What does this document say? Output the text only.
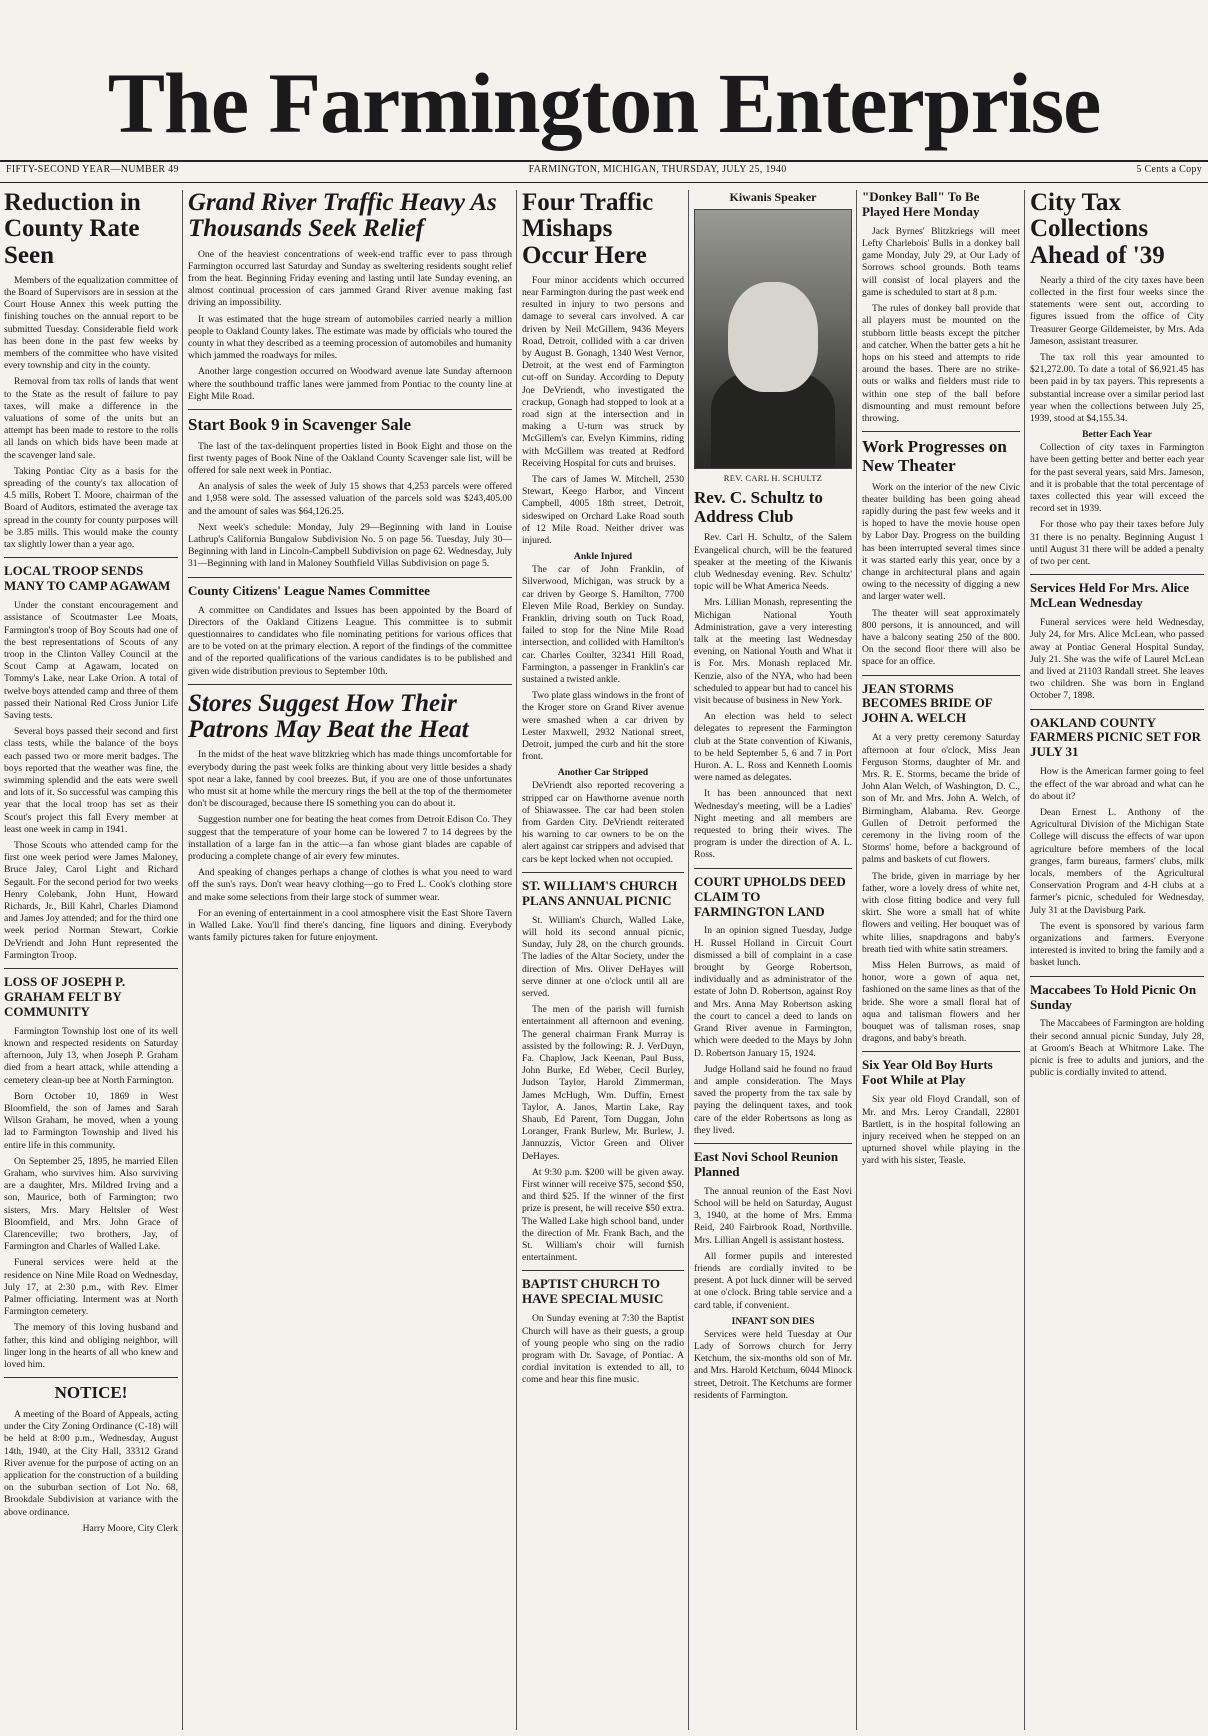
The Farmington Enterprise
FIFTY-SECOND YEAR—NUMBER 49	FARMINGTON, MICHIGAN, THURSDAY, JULY 25, 1940	5 Cents a Copy
Reduction in County Rate Seen

Members of the equalization committee of the Board of Supervisors are in session at the Court House Annex this week putting the finishing touches on the annual report to be submitted Tuesday. Considerable field work has been done in the past few weeks by members of the committee who have visited every township and city in the county.

Removal from tax rolls of lands that went to the State as the result of failure to pay taxes, will make a difference in the valuations of some of the units but an attempt has been made to restore to the rolls all lands on which bids have been made at the scavenger land sale.

Taking Pontiac City as a basis for the spreading of the county's tax allocation of 4.5 mills, Robert T. Moore, chairman of the Board of Auditors, estimated the average tax spread in the county for county purposes will be 3.85 mills. This would make the county tax slightly lower than a year ago.

LOCAL TROOP SENDS MANY TO CAMP AGAWAM

Under the constant encouragement and assistance of Scoutmaster Lee Moats, Farmington's troop of Boy Scouts had one of the best representations of Scouts of any troop in the Clinton Valley Council at the Scout Camp at Agawam, located on Tommy's Lake, near Lake Orion. A total of twelve boys attended camp and three of them passed their National Red Cross Junior Life Saving tests.

Several boys passed their second and first class tests, while the balance of the boys each passed two or more merit badges. The boys reported that the weather was fine, the swimming splendid and the eats were swell and lots of it. So successful was camping this year that the local troop has set as their Scout's project this fall Every member at least one week in camp in 1941.

Those Scouts who attended camp for the first one week period were James Maloney, Bruce Jaley, Carol Light and Richard Segault. For the second period for two weeks Henry Colebank, John Hunt, Howard Richards, Jr., Bill Kahrl, Charles Diamond and James Joy attended; and for the third one week period Norman Stewart, Corkie DeVriendt and John Hunt represented the Farmington Troop.

LOSS OF JOSEPH P. GRAHAM FELT BY COMMUNITY

Farmington Township lost one of its well known and respected residents on Saturday afternoon, July 13, when Joseph P. Graham died from a heart attack, while attending a cemetery clean-up bee at North Farmington.

Born October 10, 1869 in West Bloomfield, the son of James and Sarah Wilson Graham, he moved, when a young lad to Farmington Township and lived his entire life in this community.

On September 25, 1895, he married Ellen Graham, who survives him. Also surviving are a daughter, Mrs. Mildred Irving and a son, Maurice, both of Farmington; two sisters, Mrs. Mary Heltsler of West Bloomfield, and Mrs. John Grace of Clarenceville; two brothers, Jay, of Farmington and Charles of Walled Lake.

Funeral services were held at the residence on Nine Mile Road on Wednesday, July 17, at 2:30 p.m., with Rev. Elmer Palmer officiating. Interment was at North Farmington cemetery.

The memory of this loving husband and father, this kind and obliging neighbor, will linger long in the hearts of all who knew and loved him.

NOTICE!

A meeting of the Board of Appeals, acting under the City Zoning Ordinance (C-18) will be held at 8:00 p.m., Wednesday, August 14th, 1940, at the City Hall, 33312 Grand River avenue for the purpose of acting on an application for the construction of a building on the suburban section of Lot No. 68, Brookdale Subdivision at variance with the above ordinance.

Harry Moore, City Clerk
Grand River Traffic Heavy As Thousands Seek Relief

One of the heaviest concentrations of week-end traffic ever to pass through Farmington occurred last Saturday and Sunday as sweltering residents sought relief from the heat. Beginning Friday evening and lasting until late Sunday evening, an almost continual procession of cars jammed Grand River avenue making fast driving an impossibility.

It was estimated that the huge stream of automobiles carried nearly a million people to Oakland County lakes. The estimate was made by officials who toured the county in what they described as a teeming procession of automobiles and humanity which jammed the roadways for miles.

Another large congestion occurred on Woodward avenue late Sunday afternoon where the southbound traffic lanes were jammed from Pontiac to the county line at Eight Mile Road.

Start Book 9 in Scavenger Sale

The last of the tax-delinquent properties listed in Book Eight and those on the first twenty pages of Book Nine of the Oakland County Scavenger sale list, will be offered for sale next week in Pontiac.

An analysis of sales the week of July 15 shows that 4,253 parcels were offered and 1,958 were sold. The assessed valuation of the parcels sold was $243,405.00 and the amount of sales was $64,126.25.

Next week's schedule: Monday, July 29—Beginning with land in Louise Lathrup's California Bungalow Subdivision No. 5 on page 56. Tuesday, July 30—Beginning with land in Lincoln-Campbell Subdivision on page 62. Wednesday, July 31—Beginning with land in Maloney Southfield Villas Subdivision on page 5.

County Citizens' League Names Committee

A committee on Candidates and Issues has been appointed by the Board of Directors of the Oakland Citizens League. This committee is to submit questionnaires to candidates who file nominating petitions for various offices that are to be voted on at the primary election. A report of the findings of the committee and of the reported qualifications of the various candidates is to be published and given wide distribution previous to September 10th.

Stores Suggest How Their Patrons May Beat the Heat

In the midst of the heat wave blitzkrieg which has made things uncomfortable for everybody during the past week folks are thinking about very little besides a shady spot near a lake, fanned by cool breezes. But, if you are one of those unfortunates who must sit at home while the mercury rings the bell at the top of the thermometer don't be discouraged, because there IS something you can do about it.

Suggestion number one for beating the heat comes from Detroit Edison Co. They suggest that the temperature of your home can be lowered 7 to 14 degrees by the installation of a large fan in the attic—a fan whose giant blades are capable of producing a complete change of air every few minutes.

And speaking of changes perhaps a change of clothes is what you need to ward off the sun's rays. Don't wear heavy clothing—go to Fred L. Cook's clothing store and make some selections from their large stock of summer wear.

For an evening of entertainment in a cool atmosphere visit the East Shore Tavern in Walled Lake. You'll find there's dancing, fine liquors and dining. Everybody wants family pictures taken for future enjoyment.

Four Traffic Mishaps Occur Here

Four minor accidents which occurred near Farmington during the past week end resulted in injury to two persons and damage to several cars involved. A car driven by Neil McGillem, 9436 Meyers Road, Detroit, collided with a car driven by August B. Gonagh, 1340 West Vernor, Detroit, at the west end of Farmington cut-off on Sunday. According to Deputy Joe DeVriendt, who investigated the crackup, Gonagh had stopped to look at a road sign at the intersection and in making a U-turn was struck by McGillem's car. Evelyn Kimmins, riding with McGillem was treated at Redford Receiving Hospital for cuts and bruises.

The cars of James W. Mitchell, 2530 Stewart, Keego Harbor, and Vincent Campbell, 4005 18th street, Detroit, sideswiped on Orchard Lake Road south of 12 Mile Road. Neither driver was injured.

Ankle Injured

The car of John Franklin, of Silverwood, Michigan, was struck by a car driven by George S. Hamilton, 7700 Eleven Mile Road, Berkley on Sunday. Franklin, driving south on Tuck Road, failed to stop for the Nine Mile Road intersection, and collided with Hamilton's car. Charles Coulter, 32341 Hill Road, Farmington, a passenger in Franklin's car sustained a twisted ankle.

Two plate glass windows in the front of the Kroger store on Grand River avenue were smashed when a car driven by Lester Maxwell, 2932 National street, Detroit, jumped the curb and hit the store front.

Another Car Stripped

DeVriendt also reported recovering a stripped car on Hawthorne avenue north of Shiawassee. The car had been stolen from Garden City. DeVriendt reiterated his warning to car owners to be on the alert against car strippers and advised that cars be kept locked when not occupied.

ST. WILLIAM'S CHURCH PLANS ANNUAL PICNIC

St. William's Church, Walled Lake, will hold its second annual picnic, Sunday, July 28, on the church grounds. The ladies of the Altar Society, under the direction of Mrs. Oliver DeHayes will serve dinner at one o'clock until all are served.

The men of the parish will furnish entertainment all afternoon and evening. The general chairman Frank Murray is assisted by the following: R. J. VerDuyn, Fa. Chaplow, Jack Keenan, Paul Buss, John Burke, Ed Weber, Cecil Burley, Judson Taylor, Harold Zimmerman, James McHugh, Wm. Duffin, Ernest Taylor, A. Janos, Martin Lake, Ray Shaub, Ed Parent, Tom Duggan, John Loranger, Frank Burlew, Mr. Burlew, J. Jannuzzis, Victor Green and Oliver DeHayes.

At 9:30 p.m. $200 will be given away. First winner will receive $75, second $50, and third $25. If the winner of the first prize is present, he will receive $50 extra. The Walled Lake high school band, under the direction of Mr. Frank Bach, and the St. William's choir will furnish entertainment.

BAPTIST CHURCH TO HAVE SPECIAL MUSIC

On Sunday evening at 7:30 the Baptist Church will have as their guests, a group of young people who sing on the radio program with Dr. Savage, of Pontiac. A cordial invitation is extended to all, to come and hear this fine music.

Kiwanis Speaker
REV. CARL H. SCHULTZ
Rev. C. Schultz to Address Club

Rev. Carl H. Schultz, of the Salem Evangelical church, will be the featured speaker at the meeting of the Kiwanis club Wednesday evening. Rev. Schultz' topic will be What America Needs.

Mrs. Lillian Monash, representing the Michigan National Youth Administration, gave a very interesting talk at the meeting last Wednesday evening, on National Youth and What it is For. Mrs. Monash replaced Mr. Kenzie, also of the NYA, who had been scheduled to appear but had to cancel his visit because of business in New York.

An election was held to select delegates to represent the Farmington club at the State convention of Kiwanis, to be held September 5, 6 and 7 in Port Huron. A. L. Ross and Kenneth Loomis were named as delegates.

It has been announced that next Wednesday's meeting, will be a Ladies' Night meeting and all members are requested to bring their wives. The program is under the direction of A. L. Ross.

COURT UPHOLDS DEED CLAIM TO FARMINGTON LAND

In an opinion signed Tuesday, Judge H. Russel Holland in Circuit Court dismissed a bill of complaint in a case brought by George Robertson, individually and as administrator of the estate of John D. Robertson, against Roy and Mrs. Anna May Robertson asking the court to cancel a deed to lands on Grand River avenue in Farmington, which were deeded to the Mays by John D. Robertson January 15, 1924.

Judge Holland said he found no fraud and ample consideration. The Mays saved the property from the tax sale by paying the delinquent taxes, and took care of the elder Robertsons as long as they lived.

East Novi School Reunion Planned

The annual reunion of the East Novi School will be held on Saturday, August 3, 1940, at the home of Mrs. Emma Reid, 240 Fairbrook Road, Northville. Mrs. Lillian Angell is assistant hostess.

All former pupils and interested friends are cordially invited to be present. A pot luck dinner will be served at one o'clock. Bring table service and a card table, if convenient.

INFANT SON DIES

Services were held Tuesday at Our Lady of Sorrows church for Jerry Ketchum, the six-months old son of Mr. and Mrs. Harold Ketchum, 6044 Minock street, Detroit. The Ketchums are former residents of Farmington.

"Donkey Ball" To Be Played Here Monday

Jack Byrnes' Blitzkriegs will meet Lefty Charlebois' Bulls in a donkey ball game Monday, July 29, at Our Lady of Sorrows school grounds. Both teams will consist of local players and the game is scheduled to start at 8 p.m.

The rules of donkey ball provide that all players must be mounted on the stubborn little beasts except the pitcher and catcher. When the batter gets a hit he hops on his steed and attempts to ride around the bases. There are no strike-outs or walks and fielders must ride to within one step of the ball before dismounting and must remount before throwing.

Work Progresses on New Theater

Work on the interior of the new Civic theater building has been going ahead rapidly during the past few weeks and it is hoped to have the movie house open by Labor Day. Progress on the building has been interrupted several times since it was started early this year, once by a change in architectural plans and again owing to the necessity of digging a new and larger water well.

The theater will seat approximately 800 persons, it is announced, and will have a balcony seating 250 of the 800. On the second floor there will also be space for an office.

JEAN STORMS BECOMES BRIDE OF JOHN A. WELCH

At a very pretty ceremony Saturday afternoon at four o'clock, Miss Jean Ferguson Storms, daughter of Mr. and Mrs. R. E. Storms, became the bride of John Alan Welch, of Washington, D. C., son of Mr. and Mrs. John A. Welch, of Birmingham, Alabama. Rev. George Gullen of Detroit performed the ceremony in the living room of the Storms' home, before a background of palms and baskets of cut flowers.

The bride, given in marriage by her father, wore a lovely dress of white net, with close fitting bodice and very full skirt. She wore a small hat of white flowers and veiling. Her bouquet was of white lilies, snapdragons and baby's breath tied with white satin streamers.

Miss Helen Burrows, as maid of honor, wore a gown of aqua net, fashioned on the same lines as that of the bride. She wore a small floral hat of aqua and talisman flowers and her bouquet was of talisman roses, snap dragons, and baby's breath.

Six Year Old Boy Hurts Foot While at Play

Six year old Floyd Crandall, son of Mr. and Mrs. Leroy Crandall, 22801 Bartlett, is in the hospital following an injury received when he stepped on an upturned shovel while playing in the yard with his sister, Teasle.

City Tax Collections Ahead of '39

Nearly a third of the city taxes have been collected in the first four weeks since the statements were sent out, according to figures issued from the office of City Treasurer George Gildemeister, by Mrs. Ada Jameson, assistant treasurer.

The tax roll this year amounted to $21,272.00. To date a total of $6,921.45 has been paid in by tax payers. This represents a substantial increase over a similar period last year when the collections between July 25, 1939, stood at $4,155.34.

Better Each Year

Collection of city taxes in Farmington have been getting better and better each year for the past several years, said Mrs. Jameson, and it is probable that the total percentage of taxes collected this year will exceed the record set in 1939.

For those who pay their taxes before July 31 there is no penalty. Beginning August 1 until August 31 there will be added a penalty of two per cent.

Services Held For Mrs. Alice McLean Wednesday

Funeral services were held Wednesday, July 24, for Mrs. Alice McLean, who passed away at Pontiac General Hospital Sunday, July 21. She was the wife of Laurel McLean and lived at 21103 Randall street. She leaves two children. She was born in England October 7, 1898.

OAKLAND COUNTY FARMERS PICNIC SET FOR JULY 31

How is the American farmer going to feel the effect of the war abroad and what can he do about it?

Dean Ernest L. Anthony of the Agricultural Division of the Michigan State College will discuss the effects of war upon agriculture before members of the local granges, farm bureaus, farmers' clubs, milk locals, members of the Agricultural Conservation Program and 4-H clubs at a farmer's picnic, scheduled for Wednesday, July 31 at the Davisburg Park.

The event is sponsored by various farm organizations and farmers. Everyone interested is invited to bring the family and a basket lunch.

Maccabees To Hold Picnic On Sunday

The Maccabees of Farmington are holding their second annual picnic Sunday, July 28, at Groom's Beach at Whitmore Lake. The picnic is free to adults and juniors, and the public is cordially invited to attend.
